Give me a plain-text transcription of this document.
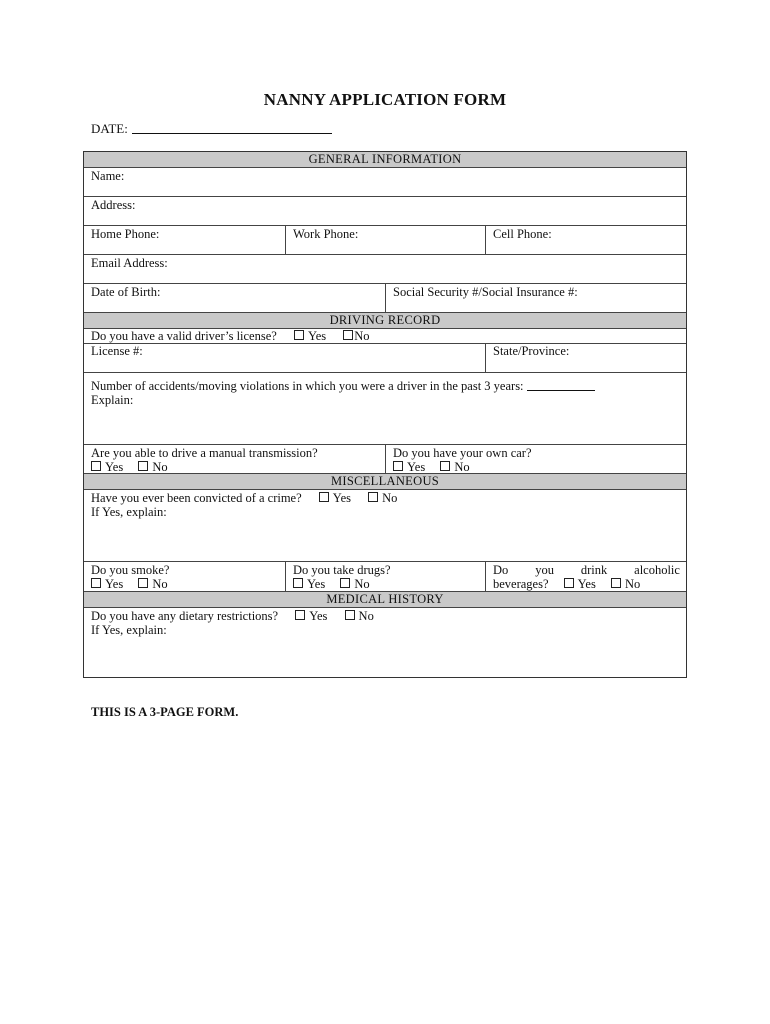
NANNY APPLICATION FORM
DATE:
GENERAL INFORMATION
Name:
Address:
Home Phone:	Work Phone:	Cell Phone:
Email Address:
Date of Birth:	Social Security #/Social Insurance #:
DRIVING RECORD
Do you have a valid driver’s license? Yes No
License #:	State/Province:
Number of accidents/moving violations in which you were a driver in the past 3 years:
Explain:
Are you able to drive a manual transmission?
Yes No
Do you have your own car?
Yes No
MISCELLANEOUS
Have you ever been convicted of a crime? Yes No
If Yes, explain:
Do you smoke?
Yes No
Do you take drugs?
Yes No
Do you drink alcoholic
beverages? Yes No
MEDICAL HISTORY
Do you have any dietary restrictions? Yes No
If Yes, explain:
THIS IS A 3-PAGE FORM.
